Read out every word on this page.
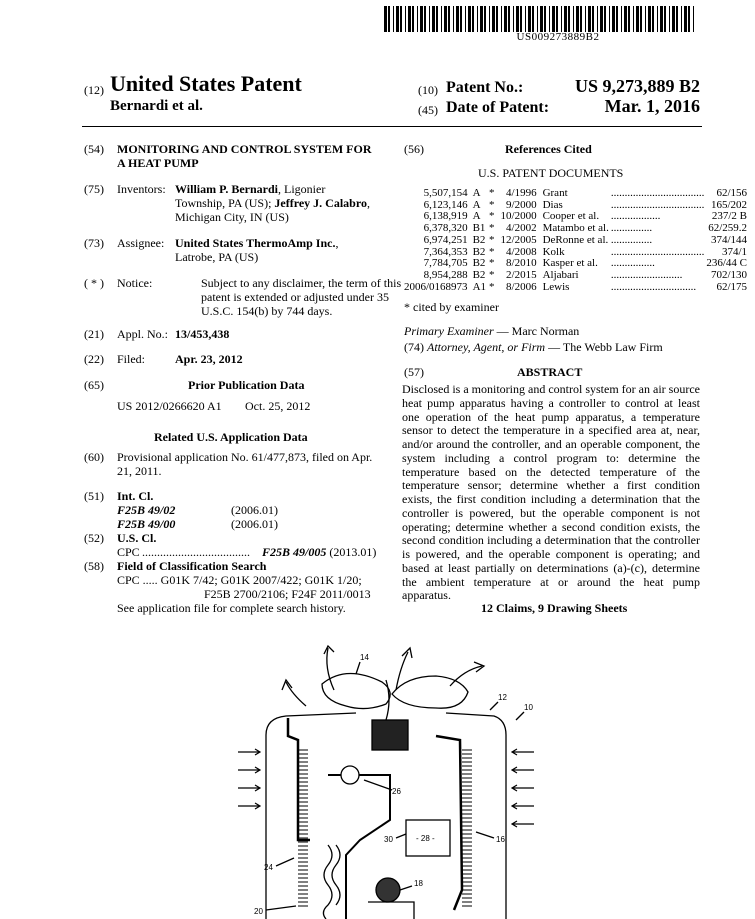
US009273889B2
(12) United States Patent
Bernardi et al.
(10) Patent No.:	US 9,273,889 B2
(45) Date of Patent:	Mar. 1, 2016
(54) MONITORING AND CONTROL SYSTEM FOR
A HEAT PUMP
(75) Inventors: William P. Bernardi, Ligonier
Township, PA (US); Jeffrey J. Calabro,
Michigan City, IN (US)
(73) Assignee: United States ThermoAmp Inc.,
Latrobe, PA (US)
( * ) Notice:	Subject to any disclaimer, the term of this
patent is extended or adjusted under 35
U.S.C. 154(b) by 744 days.
(21) Appl. No.: 13/453,438
(22) Filed: Apr. 23, 2012
(65)	Prior Publication Data
US 2012/0266620 A1 Oct. 25, 2012
Related U.S. Application Data
(60) Provisional application No. 61/477,873, filed on Apr.
21, 2011.
(51) Int. Cl.
F25B 49/02	(2006.01)
F25B 49/00	(2006.01)
(52) U.S. Cl.
CPC .................................... F25B 49/005 (2013.01)
(58) Field of Classification Search
CPC ..... G01K 7/42; G01K 2007/422; G01K 1/20;
F25B 2700/2106; F24F 2011/0013
See application file for complete search history.
(56)	References Cited
U.S. PATENT DOCUMENTS
5,507,154	A	*	4/1996	Grant	..................................	62/156
6,123,146	A	*	9/2000	Dias	..................................	165/202
6,138,919	A	*	10/2000	Cooper et al.	..................	237/2 B
6,378,320	B1	*	4/2002	Matambo et al.	...............	62/259.2
6,974,251	B2	*	12/2005	DeRonne et al.	...............	374/144
7,364,353	B2	*	4/2008	Kolk	..................................	374/1
7,784,705	B2	*	8/2010	Kasper et al.	................	236/44 C
8,954,288	B2	*	2/2015	Aljabari	..........................	702/130
2006/0168973	A1	*	8/2006	Lewis	...............................	62/175
* cited by examiner
Primary Examiner — Marc Norman
(74) Attorney, Agent, or Firm — The Webb Law Firm
(57)	ABSTRACT
Disclosed is a monitoring and control system for an air source heat pump apparatus having a controller to control at least one operation of the heat pump apparatus, a temperature sensor to detect the temperature in a specified area at, near, and/or around the controller, and an operable component, the system including a control program to: determine the temperature based on the detected temperature of the temperature sensor; determine whether a first condition exists, the first condition including a determination that the controller is powered, but the operable component is not operating; determine whether a second condition exists, the second condition including a determination that the controller is powered, and the operable component is operating; and based at least partially on determinations (a)-(c), determine the ambient temperature at or around the heat pump apparatus.
12 Claims, 9 Drawing Sheets
14
12
10
26
16
- 28 -
30
24
18
20
